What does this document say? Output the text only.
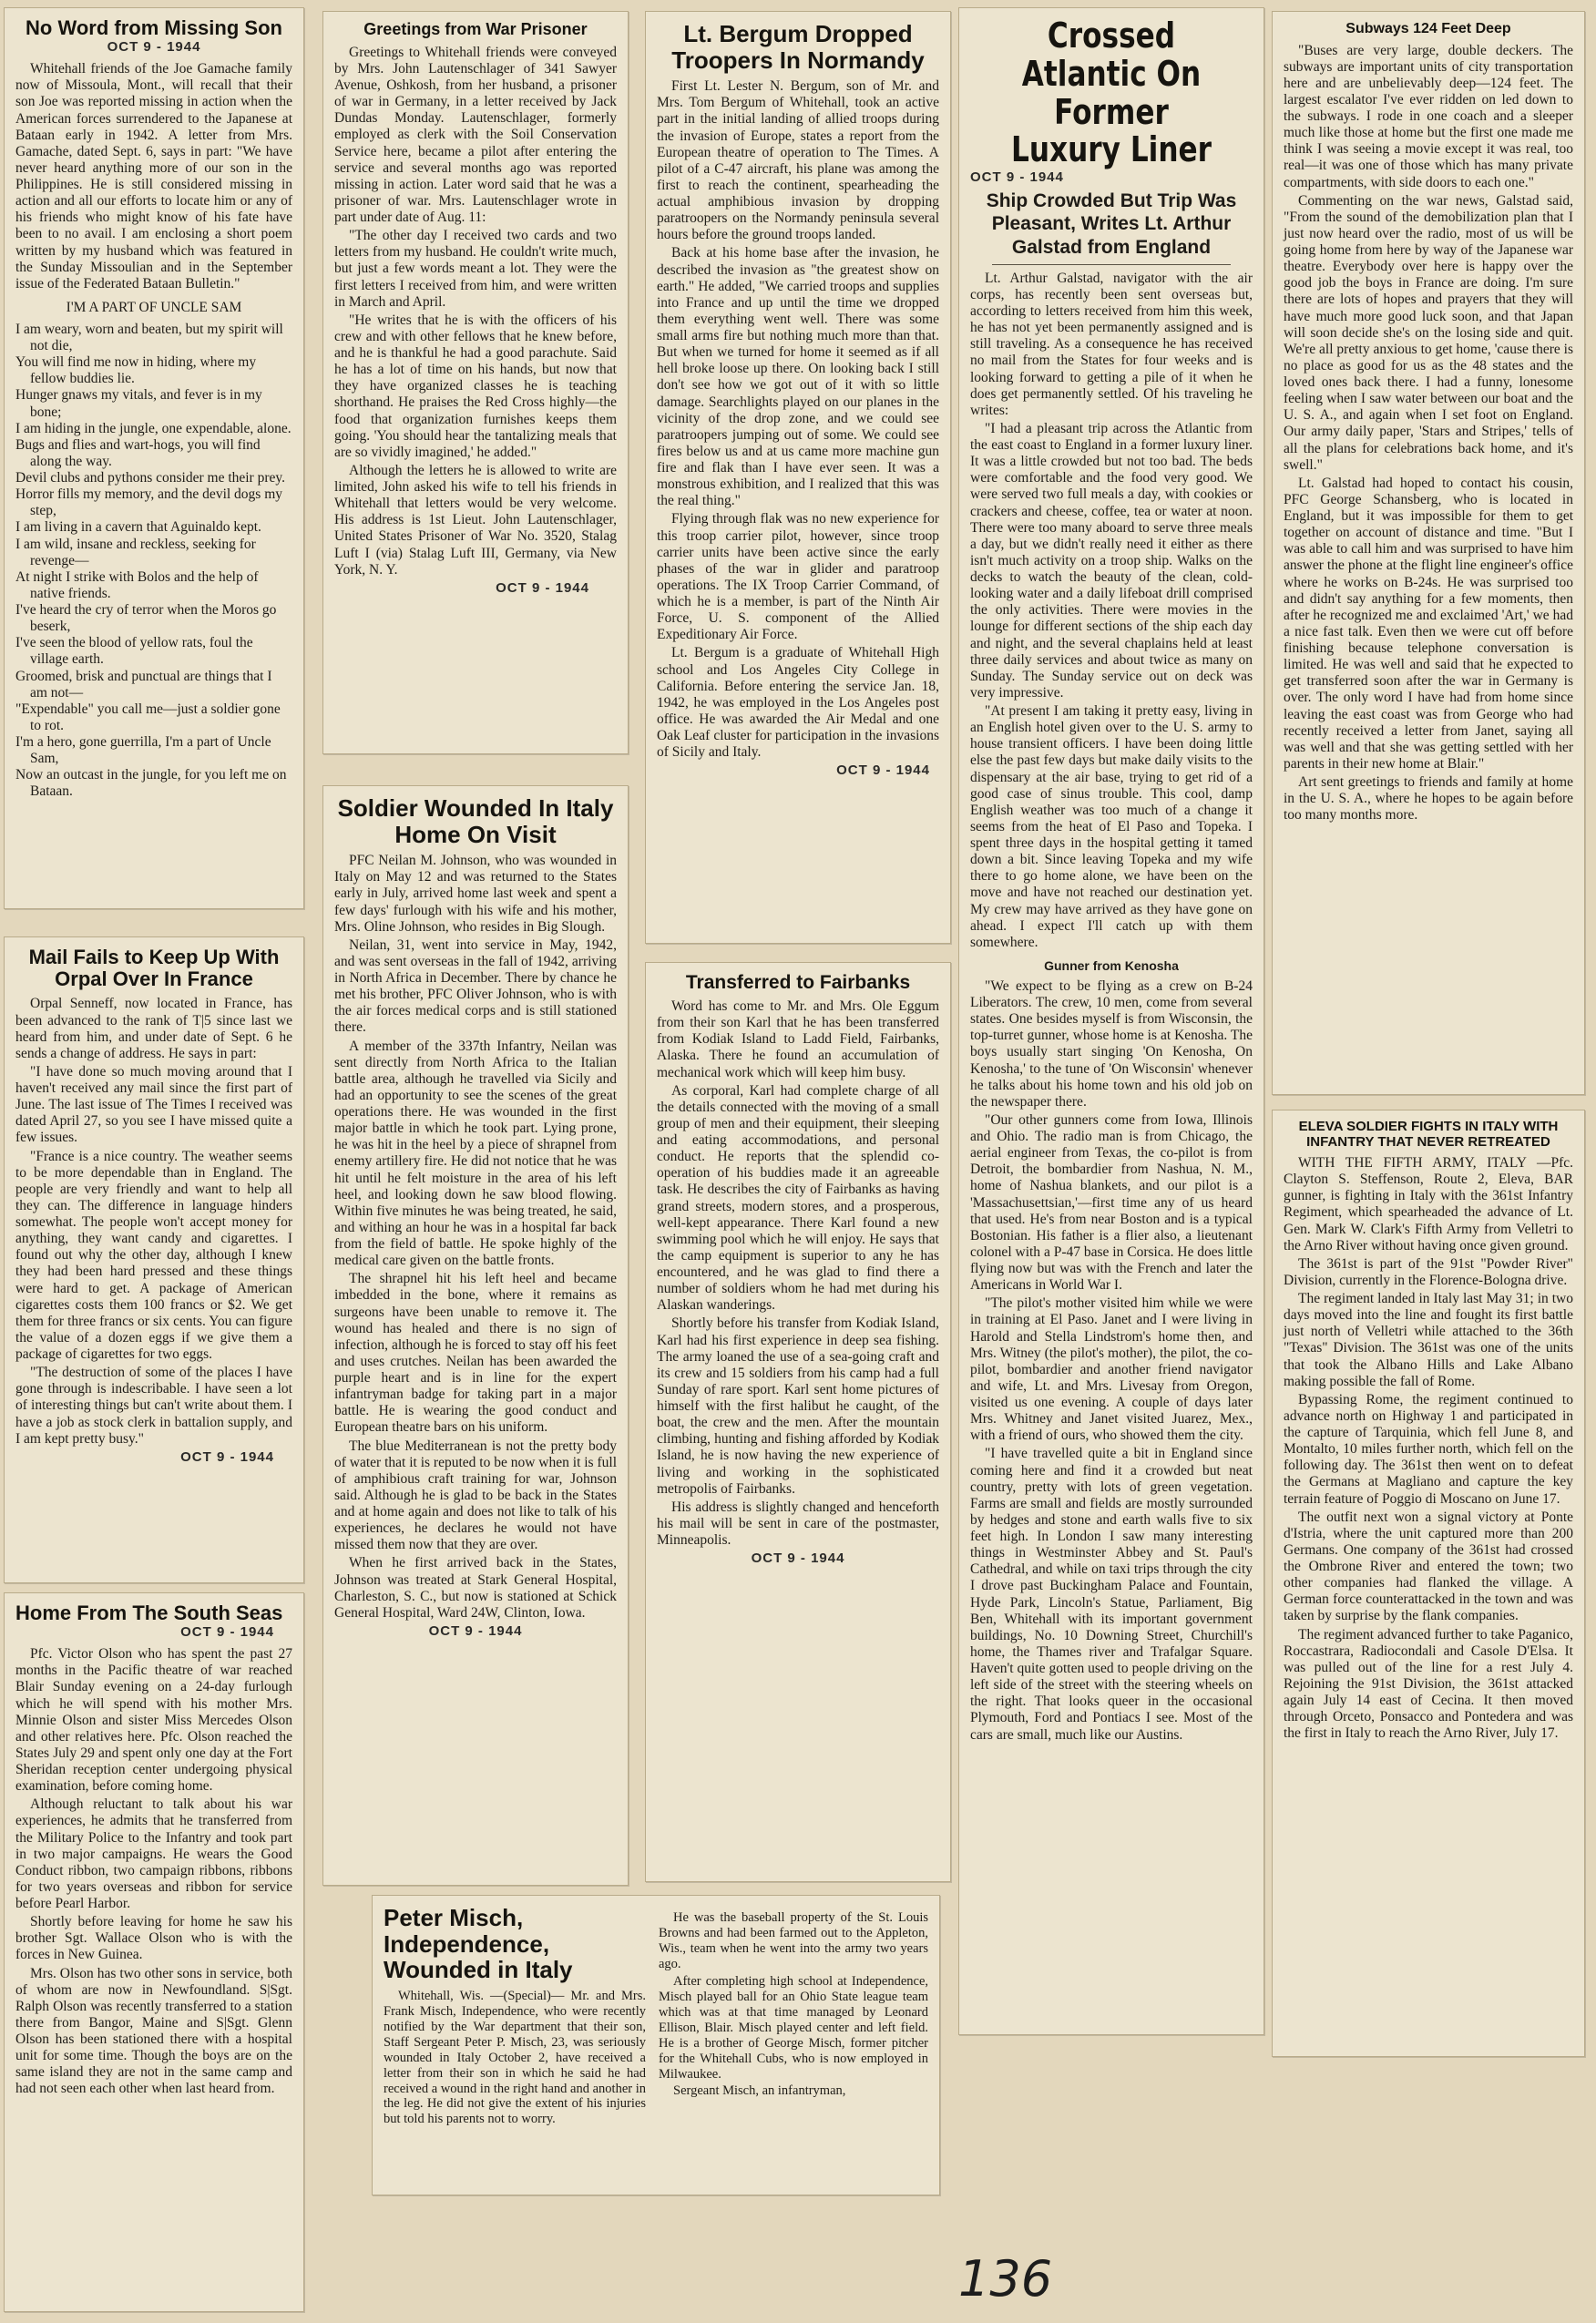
No Word from Missing Son
OCT 9 - 1944

Whitehall friends of the Joe Gamache family now of Missoula, Mont., will recall that their son Joe was reported missing in action when the American forces surrendered to the Japanese at Bataan early in 1942. A letter from Mrs. Gamache, dated Sept. 6, says in part: "We have never heard anything more of our son in the Philippines. He is still considered missing in action and all our efforts to locate him or any of his friends who might know of his fate have been to no avail. I am enclosing a short poem written by my husband which was featured in the Sunday Missoulian and in the September issue of the Federated Bataan Bulletin."

I'M A PART OF UNCLE SAM
I am weary, worn and beaten, but my spirit will not die,
You will find me now in hiding, where my fellow buddies lie.
Hunger gnaws my vitals, and fever is in my bone;
I am hiding in the jungle, one expendable, alone.
Bugs and flies and wart-hogs, you will find along the way.
Devil clubs and pythons consider me their prey.
Horror fills my memory, and the devil dogs my step,
I am living in a cavern that Aguinaldo kept.
I am wild, insane and reckless, seeking for revenge—
At night I strike with Bolos and the help of native friends.
I've heard the cry of terror when the Moros go beserk,
I've seen the blood of yellow rats, foul the village earth.
Groomed, brisk and punctual are things that I am not—
"Expendable" you call me—just a soldier gone to rot.
I'm a hero, gone guerrilla, I'm a part of Uncle Sam,
Now an outcast in the jungle, for you left me on Bataan.
Mail Fails to Keep Up With Orpal Over In France

Orpal Senneff, now located in France, has been advanced to the rank of T|5 since last we heard from him, and under date of Sept. 6 he sends a change of address. He says in part:

"I have done so much moving around that I haven't received any mail since the first part of June. The last issue of The Times I received was dated April 27, so you see I have missed quite a few issues.

"France is a nice country. The weather seems to be more dependable than in England. The people are very friendly and want to help all they can. The difference in language hinders somewhat. The people won't accept money for anything, they want candy and cigarettes. I found out why the other day, although I knew they had been hard pressed and these things were hard to get. A package of American cigarettes costs them 100 francs or $2. We get them for three francs or six cents. You can figure the value of a dozen eggs if we give them a package of cigarettes for two eggs.

"The destruction of some of the places I have gone through is indescribable. I have seen a lot of interesting things but can't write about them. I have a job as stock clerk in battalion supply, and I am kept pretty busy."

OCT 9 - 1944
Home From The South Seas
OCT 9 - 1944

Pfc. Victor Olson who has spent the past 27 months in the Pacific theatre of war reached Blair Sunday evening on a 24-day furlough which he will spend with his mother Mrs. Minnie Olson and sister Miss Mercedes Olson and other relatives here. Pfc. Olson reached the States July 29 and spent only one day at the Fort Sheridan reception center undergoing physical examination, before coming home.

Although reluctant to talk about his war experiences, he admits that he transferred from the Military Police to the Infantry and took part in two major campaigns. He wears the Good Conduct ribbon, two campaign ribbons, ribbons for two years overseas and ribbon for service before Pearl Harbor.

Shortly before leaving for home he saw his brother Sgt. Wallace Olson who is with the forces in New Guinea.

Mrs. Olson has two other sons in service, both of whom are now in Newfoundland. S|Sgt. Ralph Olson was recently transferred to a station there from Bangor, Maine and S|Sgt. Glenn Olson has been stationed there with a hospital unit for some time. Though the boys are on the same island they are not in the same camp and had not seen each other when last heard from.

Greetings from War Prisoner

Greetings to Whitehall friends were conveyed by Mrs. John Lautenschlager of 341 Sawyer Avenue, Oshkosh, from her husband, a prisoner of war in Germany, in a letter received by Jack Dundas Monday. Lautenschlager, formerly employed as clerk with the Soil Conservation Service here, became a pilot after entering the service and several months ago was reported missing in action. Later word said that he was a prisoner of war. Mrs. Lautenschlager wrote in part under date of Aug. 11:

"The other day I received two cards and two letters from my husband. He couldn't write much, but just a few words meant a lot. They were the first letters I received from him, and were written in March and April.

"He writes that he is with the officers of his crew and with other fellows that he knew before, and he is thankful he had a good parachute. Said he has a lot of time on his hands, but now that they have organized classes he is teaching shorthand. He praises the Red Cross highly—the food that organization furnishes keeps them going. 'You should hear the tantalizing meals that are so vividly imagined,' he added."

Although the letters he is allowed to write are limited, John asked his wife to tell his friends in Whitehall that letters would be very welcome. His address is 1st Lieut. John Lautenschlager, United States Prisoner of War No. 3520, Stalag Luft I (via) Stalag Luft III, Germany, via New York, N. Y.

OCT 9 - 1944
Soldier Wounded In Italy Home On Visit

PFC Neilan M. Johnson, who was wounded in Italy on May 12 and was returned to the States early in July, arrived home last week and spent a few days' furlough with his wife and his mother, Mrs. Oline Johnson, who resides in Big Slough.

Neilan, 31, went into service in May, 1942, and was sent overseas in the fall of 1942, arriving in North Africa in December. There by chance he met his brother, PFC Oliver Johnson, who is with the air forces medical corps and is still stationed there.

A member of the 337th Infantry, Neilan was sent directly from North Africa to the Italian battle area, although he travelled via Sicily and had an opportunity to see the scenes of the great operations there. He was wounded in the first major battle in which he took part. Lying prone, he was hit in the heel by a piece of shrapnel from enemy artillery fire. He did not notice that he was hit until he felt moisture in the area of his left heel, and looking down he saw blood flowing. Within five minutes he was being treated, he said, and withing an hour he was in a hospital far back from the field of battle. He spoke highly of the medical care given on the battle fronts.

The shrapnel hit his left heel and became imbedded in the bone, where it remains as surgeons have been unable to remove it. The wound has healed and there is no sign of infection, although he is forced to stay off his feet and uses crutches. Neilan has been awarded the purple heart and is in line for the expert infantryman badge for taking part in a major battle. He is wearing the good conduct and European theatre bars on his uniform.

The blue Mediterranean is not the pretty body of water that it is reputed to be now when it is full of amphibious craft training for war, Johnson said. Although he is glad to be back in the States and at home again and does not like to talk of his experiences, he declares he would not have missed them now that they are over.

When he first arrived back in the States, Johnson was treated at Stark General Hospital, Charleston, S. C., but now is stationed at Schick General Hospital, Ward 24W, Clinton, Iowa.

OCT 9 - 1944
Peter Misch, Independence, Wounded in Italy

Whitehall, Wis. —(Special)— Mr. and Mrs. Frank Misch, Independence, who were recently notified by the War department that their son, Staff Sergeant Peter P. Misch, 23, was seriously wounded in Italy October 2, have received a letter from their son in which he said he had received a wound in the right hand and another in the leg. He did not give the extent of his injuries but told his parents not to worry.

He was the baseball property of the St. Louis Browns and had been farmed out to the Appleton, Wis., team when he went into the army two years ago.

After completing high school at Independence, Misch played ball for an Ohio State league team which was at that time managed by Leonard Ellison, Blair. Misch played center and left field. He is a brother of George Misch, former pitcher for the Whitehall Cubs, who is now employed in Milwaukee.

Sergeant Misch, an infantryman,

Lt. Bergum Dropped Troopers In Normandy

First Lt. Lester N. Bergum, son of Mr. and Mrs. Tom Bergum of Whitehall, took an active part in the initial landing of allied troops during the invasion of Europe, states a report from the European theatre of operation to The Times. A pilot of a C-47 aircraft, his plane was among the first to reach the continent, spearheading the actual amphibious invasion by dropping paratroopers on the Normandy peninsula several hours before the ground troops landed.

Back at his home base after the invasion, he described the invasion as "the greatest show on earth." He added, "We carried troops and supplies into France and up until the time we dropped them everything went well. There was some small arms fire but nothing much more than that. But when we turned for home it seemed as if all hell broke loose up there. On looking back I still don't see how we got out of it with so little damage. Searchlights played on our planes in the vicinity of the drop zone, and we could see paratroopers jumping out of some. We could see fires below us and at us came more machine gun fire and flak than I have ever seen. It was a monstrous exhibition, and I realized that this was the real thing."

Flying through flak was no new experience for this troop carrier pilot, however, since troop carrier units have been active since the early phases of the war in glider and paratroop operations. The IX Troop Carrier Command, of which he is a member, is part of the Ninth Air Force, U. S. component of the Allied Expeditionary Air Force.

Lt. Bergum is a graduate of Whitehall High school and Los Angeles City College in California. Before entering the service Jan. 18, 1942, he was employed in the Los Angeles post office. He was awarded the Air Medal and one Oak Leaf cluster for participation in the invasions of Sicily and Italy.

OCT 9 - 1944
Transferred to Fairbanks

Word has come to Mr. and Mrs. Ole Eggum from their son Karl that he has been transferred from Kodiak Island to Ladd Field, Fairbanks, Alaska. There he found an accumulation of mechanical work which will keep him busy.

As corporal, Karl had complete charge of all the details connected with the moving of a small group of men and their equipment, their sleeping and eating accommodations, and personal conduct. He reports that the splendid co-operation of his buddies made it an agreeable task. He describes the city of Fairbanks as having grand streets, modern stores, and a prosperous, well-kept appearance. There Karl found a new swimming pool which he will enjoy. He says that the camp equipment is superior to any he has encountered, and he was glad to find there a number of soldiers whom he had met during his Alaskan wanderings.

Shortly before his transfer from Kodiak Island, Karl had his first experience in deep sea fishing. The army loaned the use of a sea-going craft and its crew and 15 soldiers from his camp had a full Sunday of rare sport. Karl sent home pictures of himself with the first halibut he caught, of the boat, the crew and the men. After the mountain climbing, hunting and fishing afforded by Kodiak Island, he is now having the new experience of living and working in the sophisticated metropolis of Fairbanks.

His address is slightly changed and henceforth his mail will be sent in care of the postmaster, Minneapolis.

OCT 9 - 1944
Crossed Atlantic On Former Luxury Liner
OCT 9 - 1944
Ship Crowded But Trip Was Pleasant, Writes Lt. Arthur Galstad from England

Lt. Arthur Galstad, navigator with the air corps, has recently been sent overseas but, according to letters received from him this week, he has not yet been permanently assigned and is still traveling. As a consequence he has received no mail from the States for four weeks and is looking forward to getting a pile of it when he does get permanently settled. Of his traveling he writes:

"I had a pleasant trip across the Atlantic from the east coast to England in a former luxury liner. It was a little crowded but not too bad. The beds were comfortable and the food very good. We were served two full meals a day, with cookies or crackers and cheese, coffee, tea or water at noon. There were too many aboard to serve three meals a day, but we didn't really need it either as there isn't much activity on a troop ship. Walks on the decks to watch the beauty of the clean, cold-looking water and a daily lifeboat drill comprised the only activities. There were movies in the lounge for different sections of the ship each day and night, and the several chaplains held at least three daily services and about twice as many on Sunday. The Sunday service out on deck was very impressive.

"At present I am taking it pretty easy, living in an English hotel given over to the U. S. army to house transient officers. I have been doing little else the past few days but make daily visits to the dispensary at the air base, trying to get rid of a good case of sinus trouble. This cool, damp English weather was too much of a change it seems from the heat of El Paso and Topeka. I spent three days in the hospital getting it tamed down a bit. Since leaving Topeka and my wife there to go home alone, we have been on the move and have not reached our destination yet. My crew may have arrived as they have gone on ahead. I expect I'll catch up with them somewhere.

Gunner from Kenosha

"We expect to be flying as a crew on B-24 Liberators. The crew, 10 men, come from several states. One besides myself is from Wisconsin, the top-turret gunner, whose home is at Kenosha. The boys usually start singing 'On Kenosha, On Kenosha,' to the tune of 'On Wisconsin' whenever he talks about his home town and his old job on the newspaper there.

"Our other gunners come from Iowa, Illinois and Ohio. The radio man is from Chicago, the aerial engineer from Texas, the co-pilot is from Detroit, the bombardier from Nashua, N. M., home of Nashua blankets, and our pilot is a 'Massachusettsian,'—first time any of us heard that used. He's from near Boston and is a typical Bostonian. His father is a flier also, a lieutenant colonel with a P-47 base in Corsica. He does little flying now but was with the French and later the Americans in World War I.

"The pilot's mother visited him while we were in training at El Paso. Janet and I were living in Harold and Stella Lindstrom's home then, and Mrs. Witney (the pilot's mother), the pilot, the co-pilot, bombardier and another friend navigator and wife, Lt. and Mrs. Livesay from Oregon, visited us one evening. A couple of days later Mrs. Whitney and Janet visited Juarez, Mex., with a friend of ours, who showed them the city.

"I have travelled quite a bit in England since coming here and find it a crowded but neat country, pretty with lots of green vegetation. Farms are small and fields are mostly surrounded by hedges and stone and earth walls five to six feet high. In London I saw many interesting things in Westminster Abbey and St. Paul's Cathedral, and while on taxi trips through the city I drove past Buckingham Palace and Fountain, Hyde Park, Lincoln's Statue, Parliament, Big Ben, Whitehall with its important government buildings, No. 10 Downing Street, Churchill's home, the Thames river and Trafalgar Square. Haven't quite gotten used to people driving on the left side of the street with the steering wheels on the right. That looks queer in the occasional Plymouth, Ford and Pontiacs I see. Most of the cars are small, much like our Austins.

Subways 124 Feet Deep

"Buses are very large, double deckers. The subways are important units of city transportation here and are unbelievably deep—124 feet. The largest escalator I've ever ridden on led down to the subways. I rode in one coach and a sleeper much like those at home but the first one made me think I was seeing a movie except it was real, too real—it was one of those which has many private compartments, with side doors to each one."

Commenting on the war news, Galstad said, "From the sound of the demobilization plan that I just now heard over the radio, most of us will be going home from here by way of the Japanese war theatre. Everybody over here is happy over the good job the boys in France are doing. I'm sure there are lots of hopes and prayers that they will have much more good luck soon, and that Japan will soon decide she's on the losing side and quit. We're all pretty anxious to get home, 'cause there is no place as good for us as the 48 states and the loved ones back there. I had a funny, lonesome feeling when I saw water between our boat and the U. S. A., and again when I set foot on England. Our army daily paper, 'Stars and Stripes,' tells of all the plans for celebrations back home, and it's swell."

Lt. Galstad had hoped to contact his cousin, PFC George Schansberg, who is located in England, but it was impossible for them to get together on account of distance and time. "But I was able to call him and was surprised to have him answer the phone at the flight line engineer's office where he works on B-24s. He was surprised too and didn't say anything for a few moments, then after he recognized me and exclaimed 'Art,' we had a nice fast talk. Even then we were cut off before finishing because telephone conversation is limited. He was well and said that he expected to get transferred soon after the war in Germany is over. The only word I have had from home since leaving the east coast was from George who had recently received a letter from Janet, saying all was well and that she was getting settled with her parents in their new home at Blair."

Art sent greetings to friends and family at home in the U. S. A., where he hopes to be again before too many months more.

ELEVA SOLDIER FIGHTS IN ITALY WITH INFANTRY THAT NEVER RETREATED

WITH THE FIFTH ARMY, ITALY —Pfc. Clayton S. Steffenson, Route 2, Eleva, BAR gunner, is fighting in Italy with the 361st Infantry Regiment, which spearheaded the advance of Lt. Gen. Mark W. Clark's Fifth Army from Velletri to the Arno River without having once given ground.

The 361st is part of the 91st "Powder River" Division, currently in the Florence-Bologna drive.

The regiment landed in Italy last May 31; in two days moved into the line and fought its first battle just north of Velletri while attached to the 36th "Texas" Division. The 361st was one of the units that took the Albano Hills and Lake Albano making possible the fall of Rome.

Bypassing Rome, the regiment continued to advance north on Highway 1 and participated in the capture of Tarquinia, which fell June 8, and Montalto, 10 miles further north, which fell on the following day. The 361st then went on to defeat the Germans at Magliano and capture the key terrain feature of Poggio di Moscano on June 17.

The outfit next won a signal victory at Ponte d'Istria, where the unit captured more than 200 Germans. One company of the 361st had crossed the Ombrone River and entered the town; two other companies had flanked the village. A German force counterattacked in the town and was taken by surprise by the flank companies.

The regiment advanced further to take Paganico, Roccastrara, Radiocondali and Casole D'Elsa. It was pulled out of the line for a rest July 4. Rejoining the 91st Division, the 361st attacked again July 14 east of Cecina. It then moved through Orceto, Ponsacco and Pontedera and was the first in Italy to reach the Arno River, July 17.

136
